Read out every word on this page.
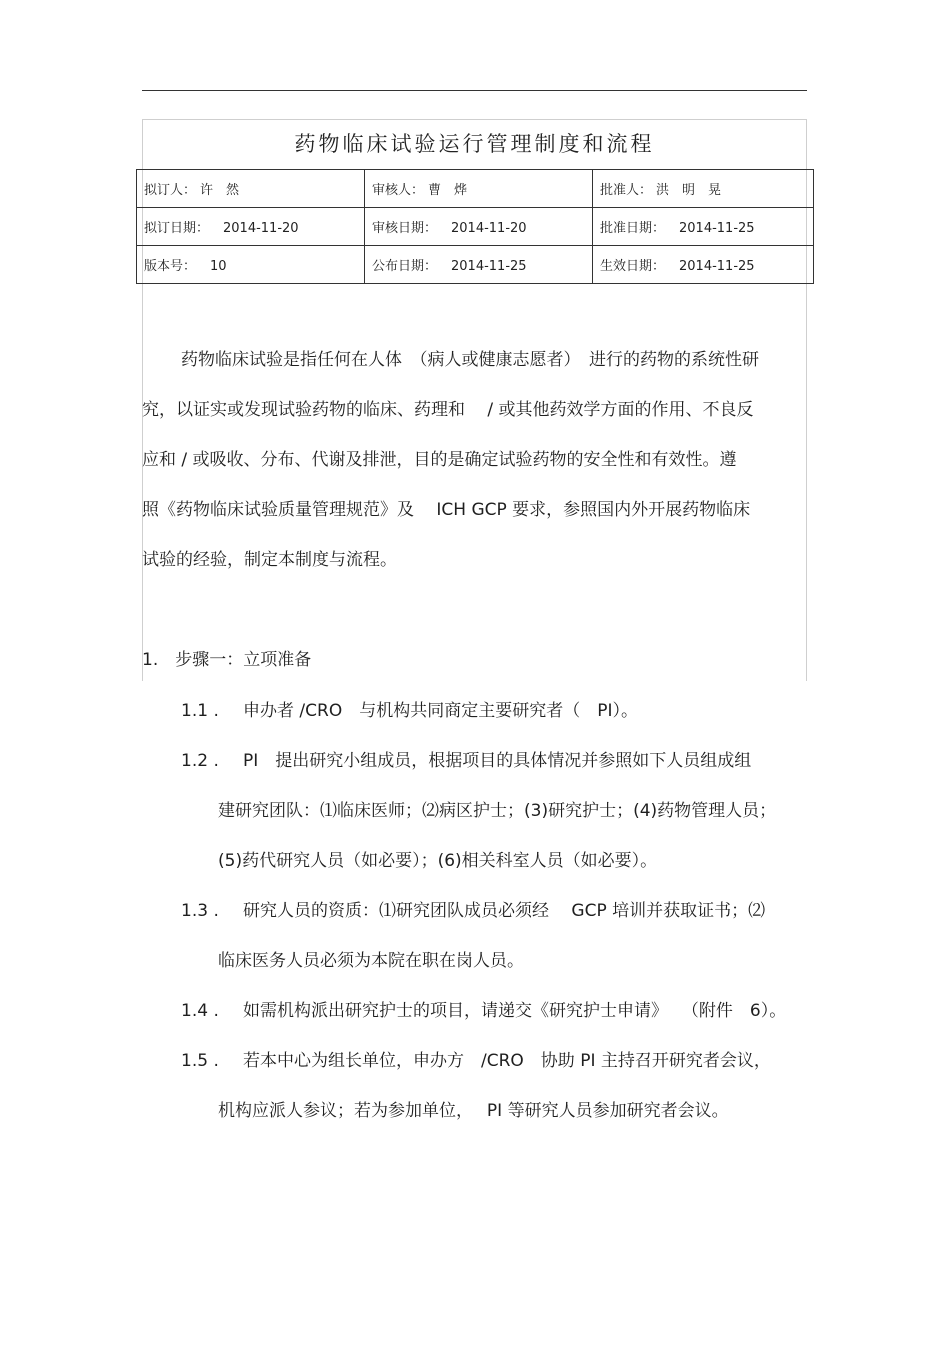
药物临床试验运行管理制度和流程
拟订人： 许　然	审核人： 曹　烨	批准人： 洪　明　晃
拟订日期： 2014-11-20	审核日期： 2014-11-20	批准日期： 2014-11-25
版本号： 10	公布日期： 2014-11-25	生效日期： 2014-11-25
药物临床试验是指任何在人体　（病人或健康志愿者）　进行的药物的系统性研
究，以证实或发现试验药物的临床、药理和　 / 或其他药效学方面的作用、不良反
应和 / 或吸收、分布、代谢及排泄，目的是确定试验药物的安全性和有效性。遵
照《药物临床试验质量管理规范》及　 ICH GCP 要求，参照国内外开展药物临床
试验的经验，制定本制度与流程。
1.　步骤一：立项准备
1.1 . 申办者 /CRO　与机构共同商定主要研究者（　PI）。
1.2 . PI　提出研究小组成员，根据项目的具体情况并参照如下人员组成组
建研究团队：⑴临床医师；⑵病区护士；(3)研究护士；(4)药物管理人员；
(5)药代研究人员（如必要）；(6)相关科室人员（如必要）。
1.3 . 研究人员的资质：⑴研究团队成员必须经　 GCP 培训并获取证书；⑵
临床医务人员必须为本院在职在岗人员。
1.4 . 如需机构派出研究护士的项目，请递交《研究护士申请》　 （附件　6）。
1.5 . 若本中心为组长单位，申办方　/CRO　协助 PI 主持召开研究者会议，
机构应派人参议；若为参加单位，　 PI 等研究人员参加研究者会议。
